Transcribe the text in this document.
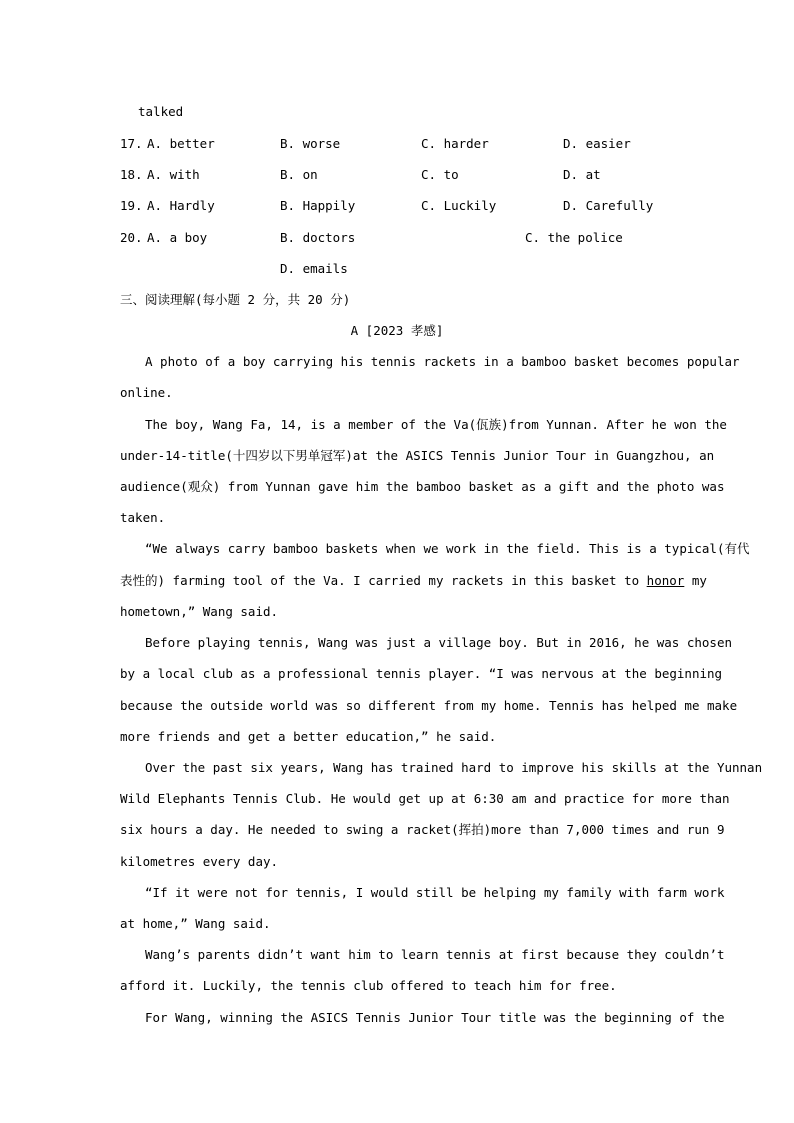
talked
17. A. better	B. worse	C. harder	D. easier
18. A. with	B. on	C. to	D. at
19. A. Hardly	B. Happily	C. Luckily	D. Carefully
20. A. a boy	B. doctors	C. the police
D. emails
三、阅读理解(每小题 2 分，共 20 分)
A [2023 孝感]
A photo of a boy carrying his tennis rackets in a bamboo basket becomes popular
online.
The boy, Wang Fa, 14, is a member of the Va(佤族)from Yunnan. After he won the
under-14-title(十四岁以下男单冠军)at the ASICS Tennis Junior Tour in Guangzhou, an
audience(观众) from Yunnan gave him the bamboo basket as a gift and the photo was
taken.
“We always carry bamboo baskets when we work in the field. This is a typical(有代
表性的) farming tool of the Va. I carried my rackets in this basket to honor my
hometown,” Wang said.
Before playing tennis, Wang was just a village boy. But in 2016, he was chosen
by a local club as a professional tennis player. “I was nervous at the beginning
because the outside world was so different from my home. Tennis has helped me make
more friends and get a better education,” he said.
Over the past six years, Wang has trained hard to improve his skills at the Yunnan
Wild Elephants Tennis Club. He would get up at 6:30 am and practice for more than
six hours a day. He needed to swing a racket(挥拍)more than 7,000 times and run 9
kilometres every day.
“If it were not for tennis, I would still be helping my family with farm work
at home,” Wang said.
Wang’s parents didn’t want him to learn tennis at first because they couldn’t
afford it. Luckily, the tennis club offered to teach him for free.
For Wang, winning the ASICS Tennis Junior Tour title was the beginning of the
